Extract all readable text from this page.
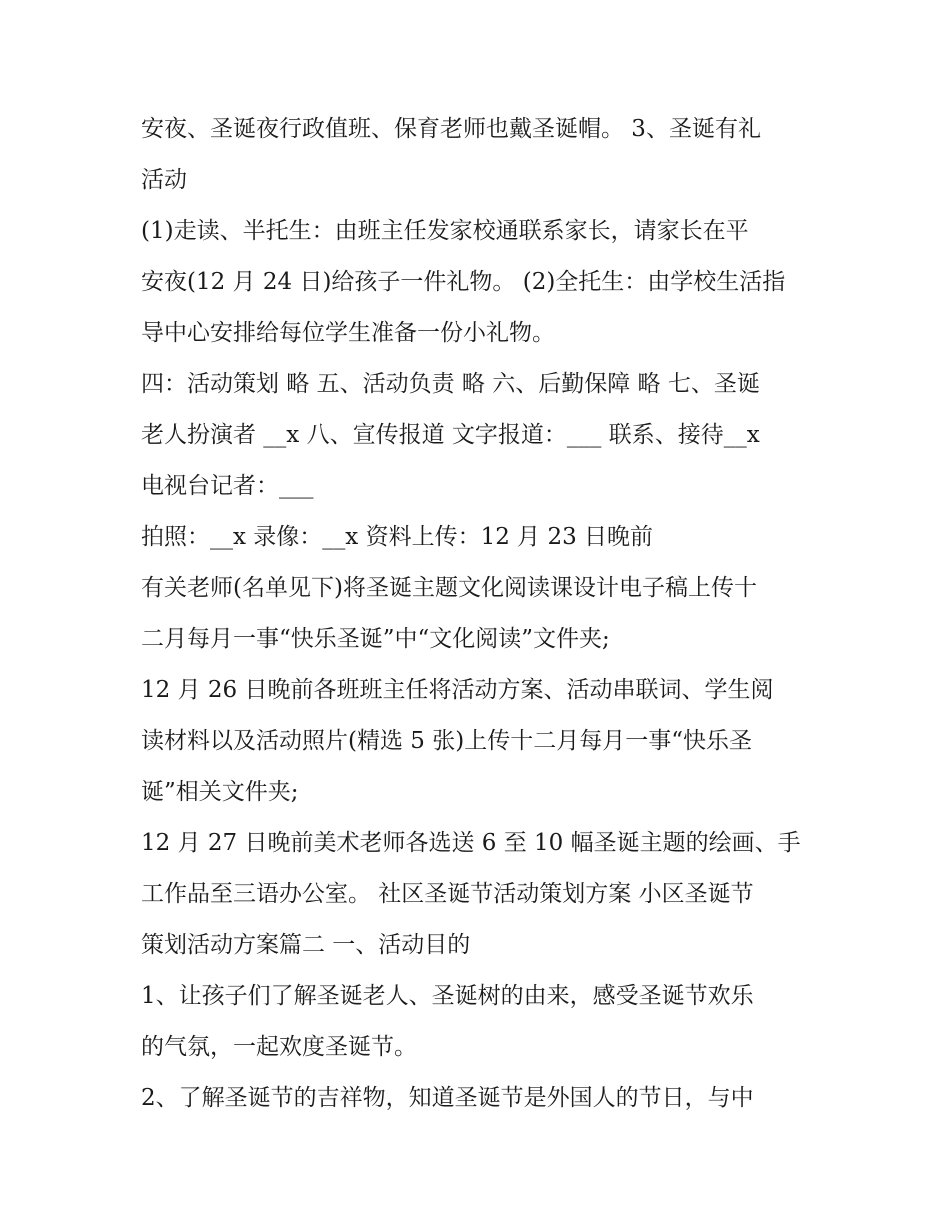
安夜、圣诞夜行政值班、保育老师也戴圣诞帽。 3、圣诞有礼
活动
(1)走读、半托生：由班主任发家校通联系家长，请家长在平
安夜(12 月 24 日)给孩子一件礼物。 (2)全托生：由学校生活指
导中心安排给每位学生准备一份小礼物。
四：活动策划 略 五、活动负责 略 六、后勤保障 略 七、圣诞
老人扮演者 __x 八、宣传报道 文字报道：___ 联系、接待__x
电视台记者：___
拍照：__x 录像：__x 资料上传：12 月 23 日晚前
有关老师(名单见下)将圣诞主题文化阅读课设计电子稿上传十
二月每月一事“快乐圣诞”中“文化阅读”文件夹;
12 月 26 日晚前各班班主任将活动方案、活动串联词、学生阅
读材料以及活动照片(精选 5 张)上传十二月每月一事“快乐圣
诞”相关文件夹;
12 月 27 日晚前美术老师各选送 6 至 10 幅圣诞主题的绘画、手
工作品至三语办公室。 社区圣诞节活动策划方案 小区圣诞节
策划活动方案篇二 一、活动目的
1、让孩子们了解圣诞老人、圣诞树的由来，感受圣诞节欢乐
的气氛，一起欢度圣诞节。
2、了解圣诞节的吉祥物，知道圣诞节是外国人的节日，与中
